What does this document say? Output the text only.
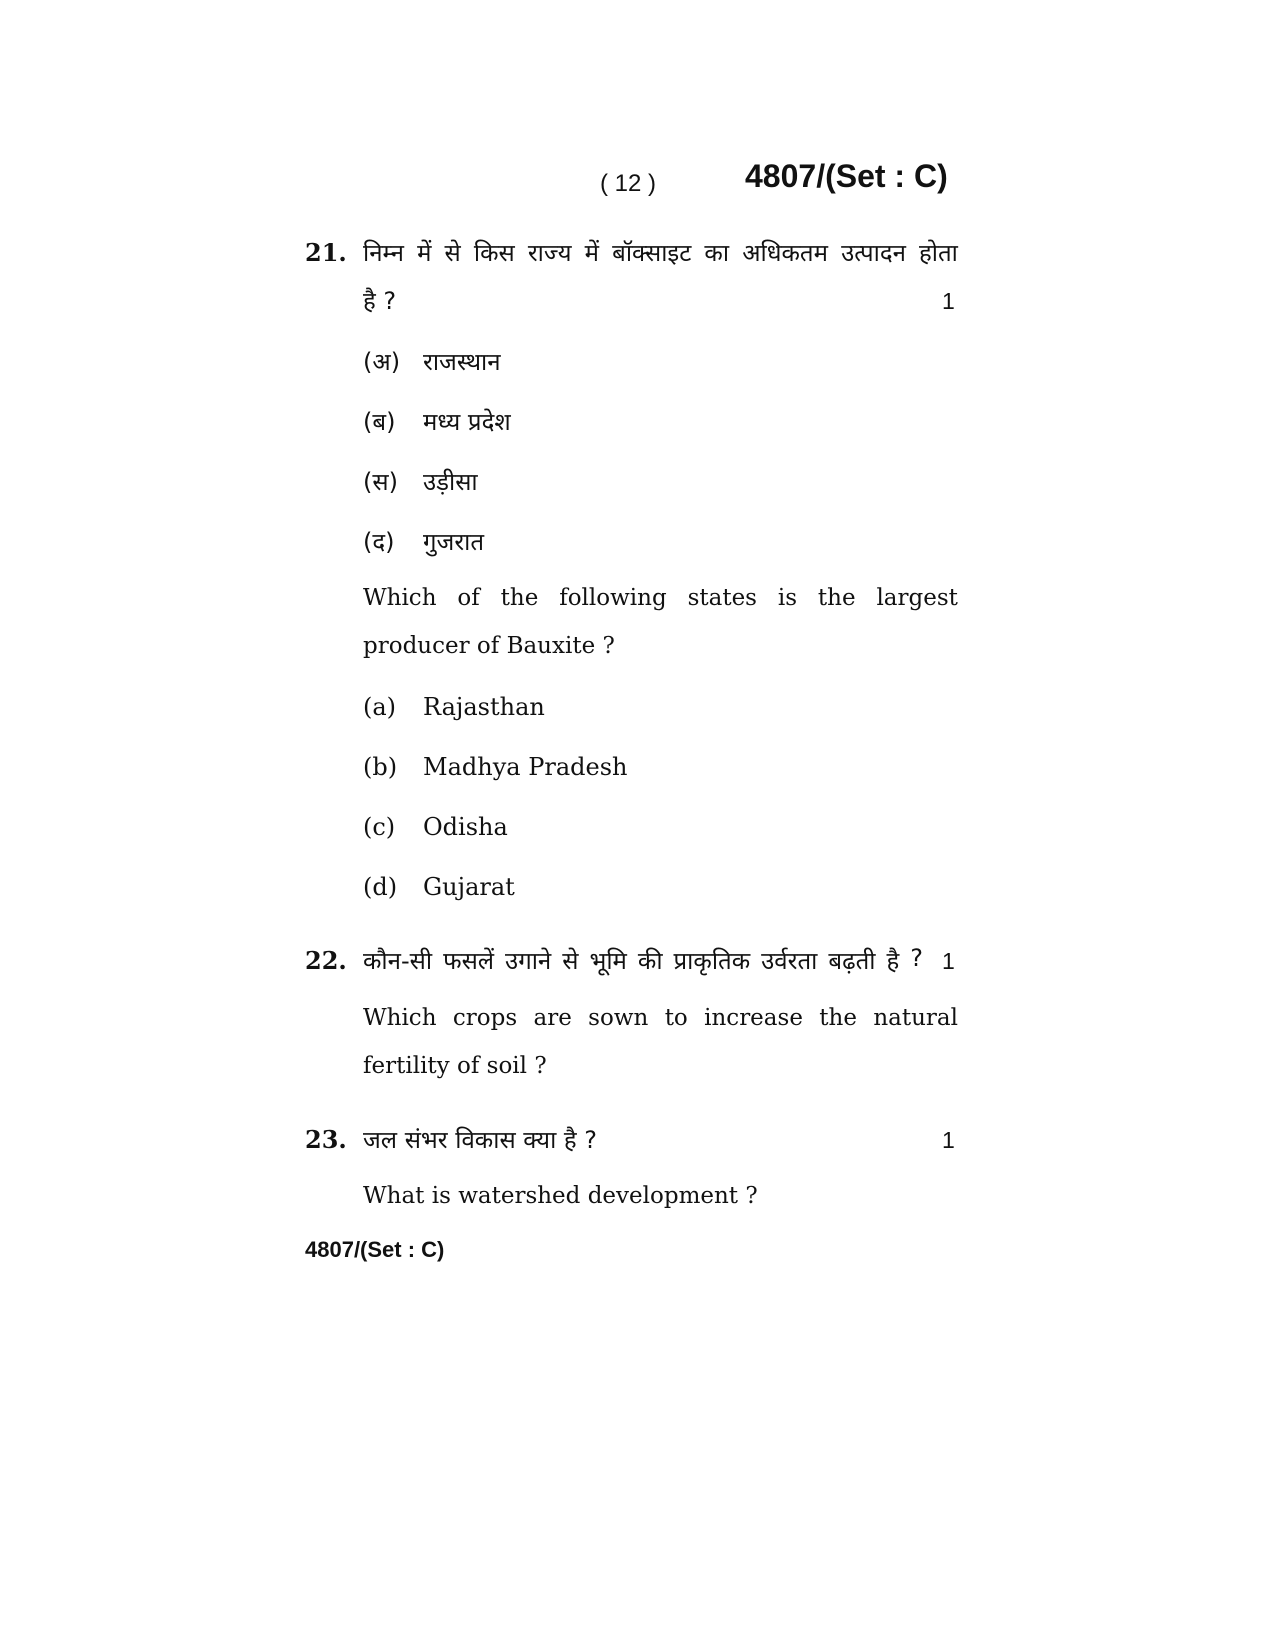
( 12 )	4807/(Set : C)
21. निम्न में से किस राज्य में बॉक्साइट का अधिकतम उत्पादन होता
है ?	1
(अ) राजस्थान
(ब) मध्य प्रदेश
(स) उड़ीसा
(द) गुजरात
Which of the following states is the largest
producer of Bauxite ?
(a) Rajasthan
(b) Madhya Pradesh
(c) Odisha
(d) Gujarat
22. कौन-सी फसलें उगाने से भूमि की प्राकृतिक उर्वरता बढ़ती है ? 1
Which crops are sown to increase the natural
fertility of soil ?
23. जल संभर विकास क्या है ?	1
What is watershed development ?
4807/(Set : C)
